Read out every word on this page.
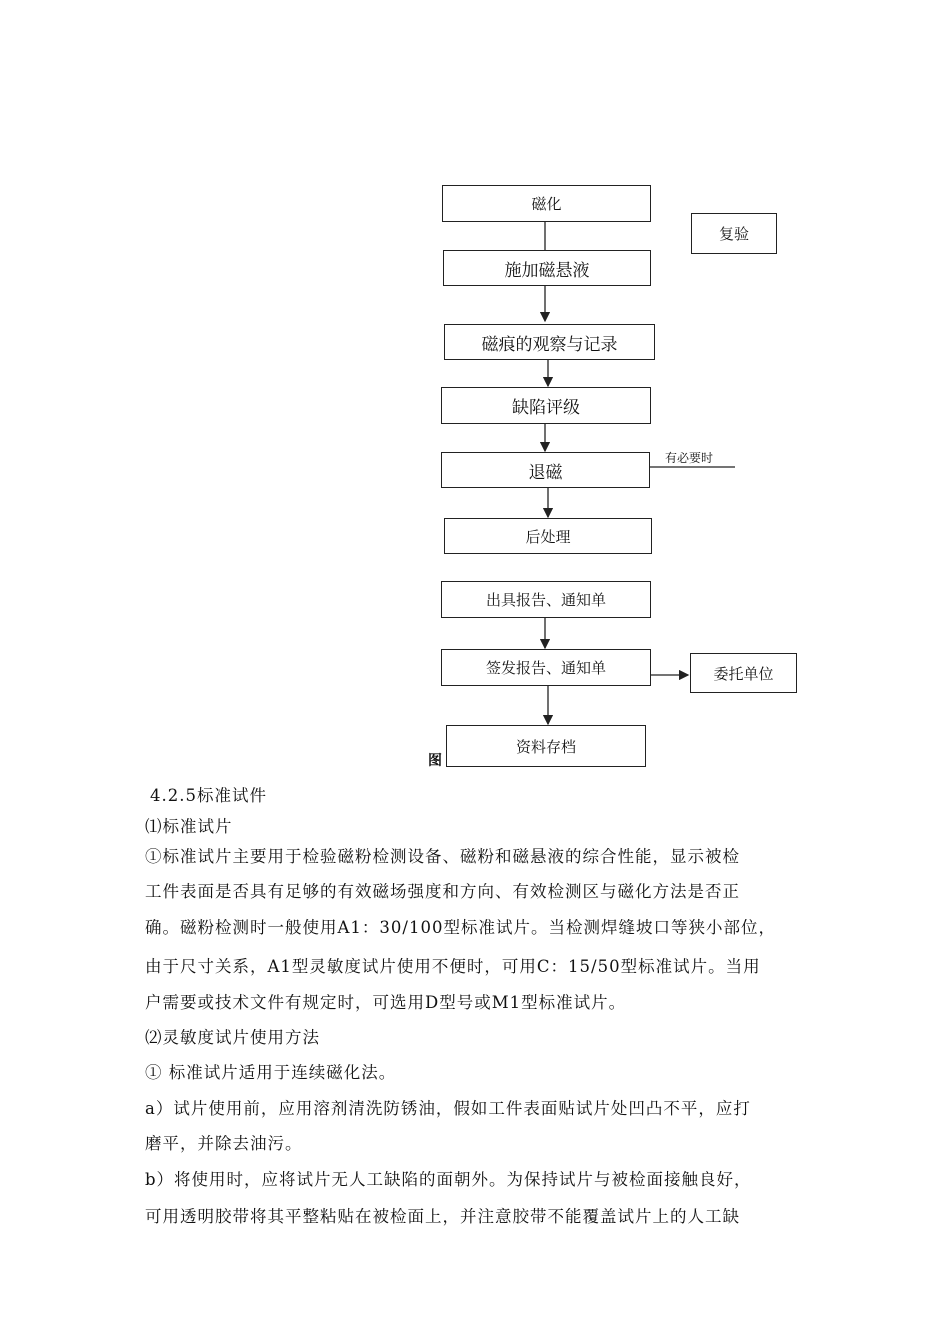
磁化
复验
施加磁悬液
磁痕的观察与记录
缺陷评级
有必要时
退磁
后处理
出具报告、通知单
签发报告、通知单	委托单位
图
资料存档
4.2.5标准试件
⑴标准试片
①标准试片主要用于检验磁粉检测设备、磁粉和磁悬液的综合性能，显示被检
工件表面是否具有足够的有效磁场强度和方向、有效检测区与磁化方法是否正
确。磁粉检测时一般使用A1：30/100型标准试片。当检测焊缝坡口等狭小部位，
由于尺寸关系，A1型灵敏度试片使用不便时，可用C：15/50型标准试片。当用
户需要或技术文件有规定时，可选用D型号或M1型标准试片。
⑵灵敏度试片使用方法
① 标准试片适用于连续磁化法。
a）试片使用前，应用溶剂清洗防锈油，假如工件表面贴试片处凹凸不平，应打
磨平，并除去油污。
b）将使用时，应将试片无人工缺陷的面朝外。为保持试片与被检面接触良好，
可用透明胶带将其平整粘贴在被检面上，并注意胶带不能覆盖试片上的人工缺
